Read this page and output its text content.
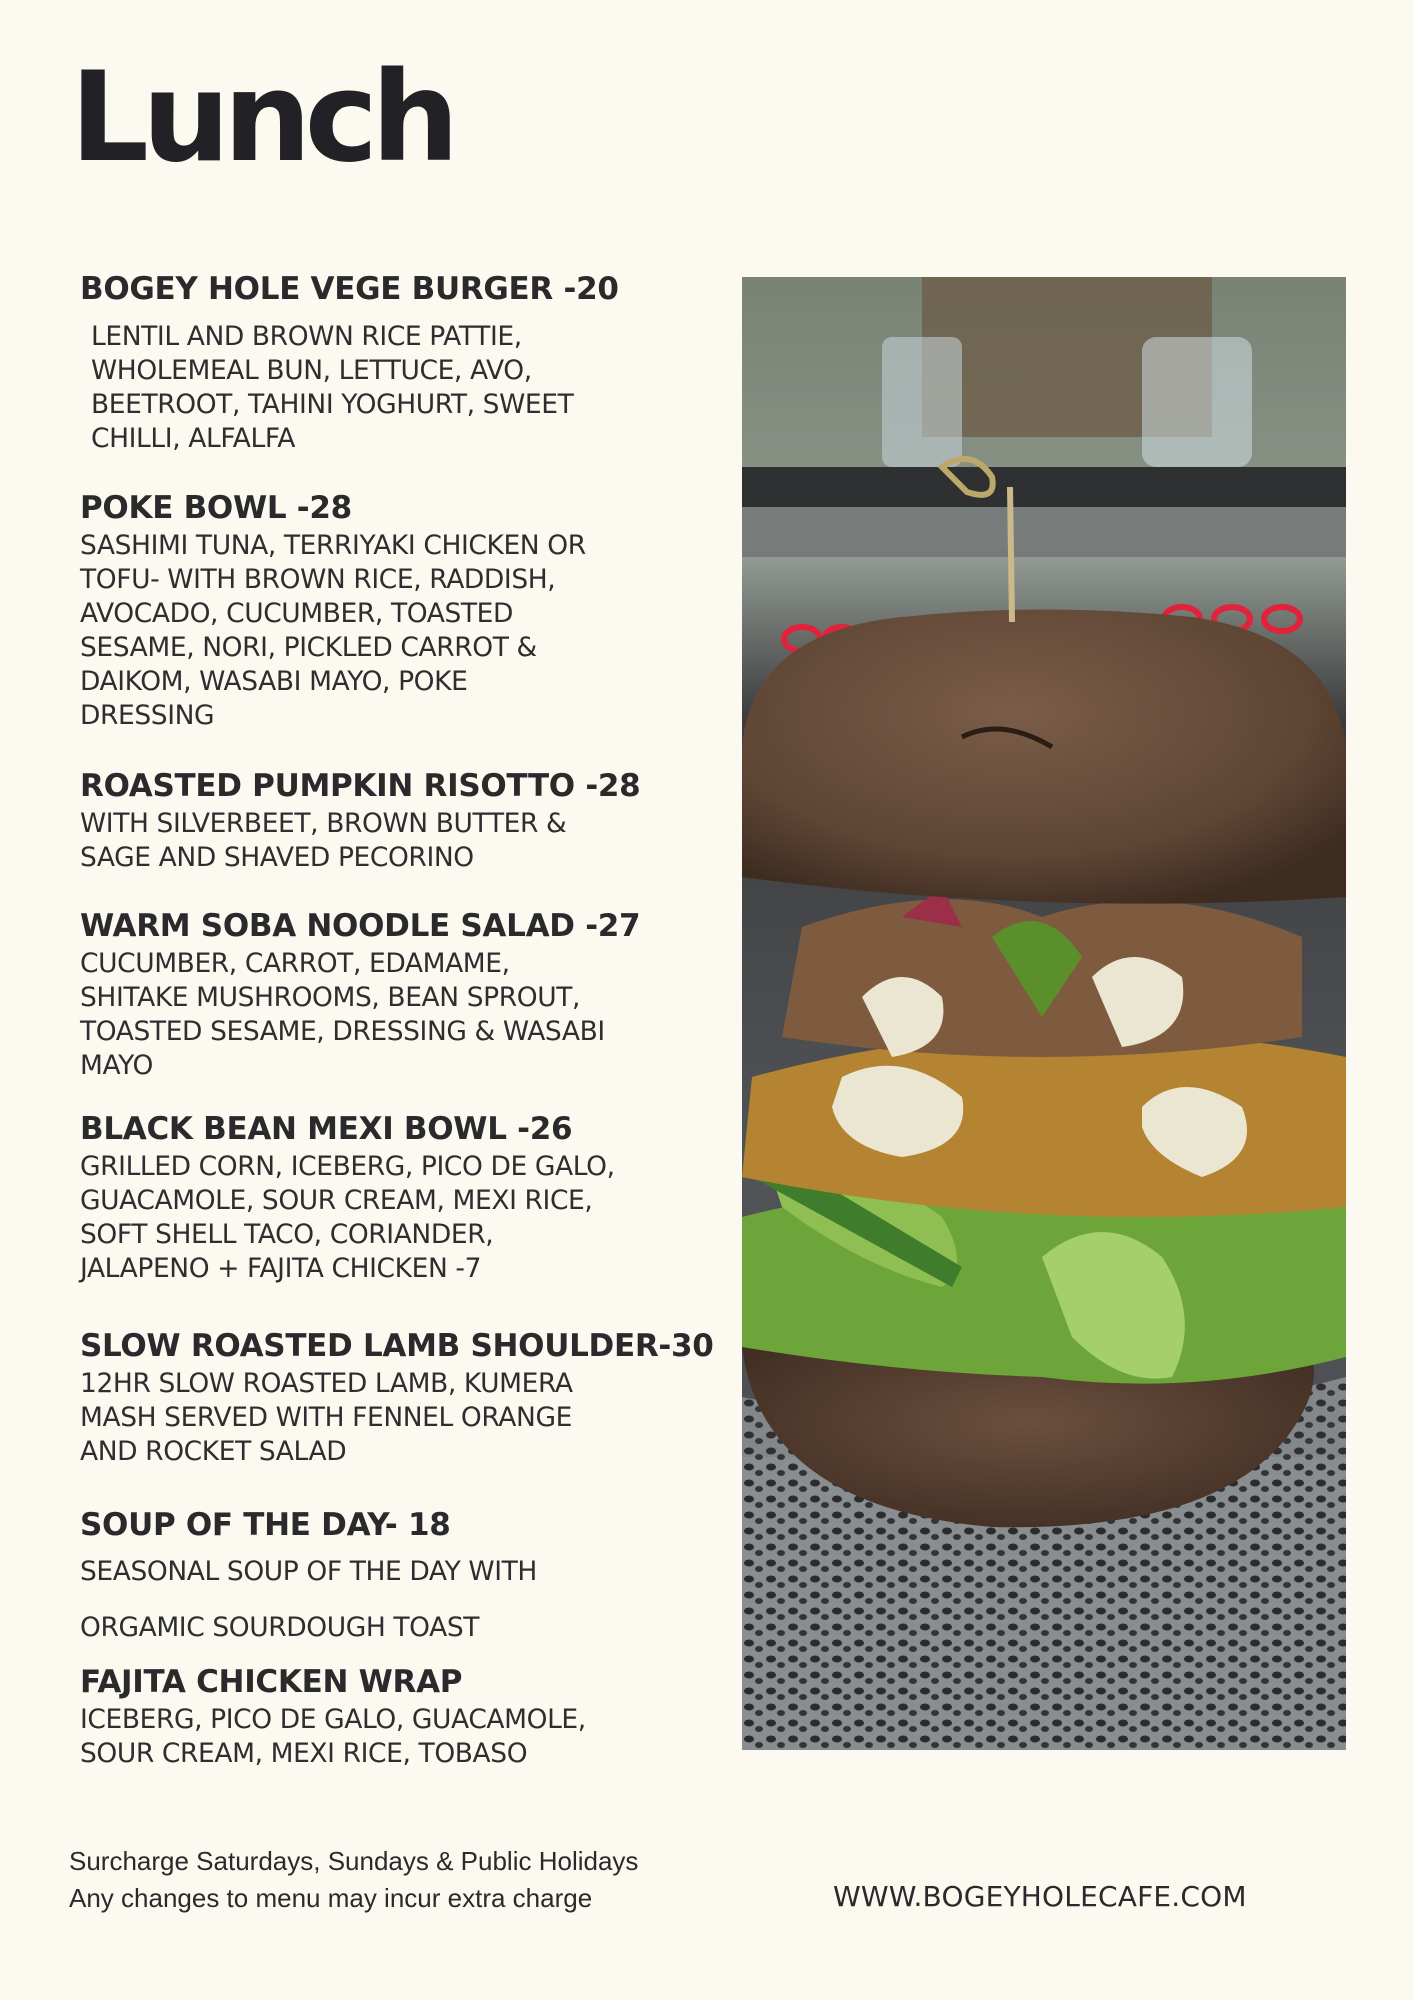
Lunch
BOGEY HOLE VEGE BURGER -20
LENTIL AND BROWN RICE PATTIE,
WHOLEMEAL BUN, LETTUCE, AVO,
BEETROOT, TAHINI YOGHURT, SWEET
CHILLI, ALFALFA
POKE BOWL -28
SASHIMI TUNA, TERRIYAKI CHICKEN OR
TOFU- WITH BROWN RICE, RADDISH,
AVOCADO, CUCUMBER, TOASTED
SESAME, NORI, PICKLED CARROT &
DAIKOM, WASABI MAYO, POKE
DRESSING
ROASTED PUMPKIN RISOTTO -28
WITH SILVERBEET, BROWN BUTTER &
SAGE AND SHAVED PECORINO
WARM SOBA NOODLE SALAD -27
CUCUMBER, CARROT, EDAMAME,
SHITAKE MUSHROOMS, BEAN SPROUT,
TOASTED SESAME, DRESSING & WASABI
MAYO
BLACK BEAN MEXI BOWL -26
GRILLED CORN, ICEBERG, PICO DE GALO,
GUACAMOLE, SOUR CREAM, MEXI RICE,
SOFT SHELL TACO, CORIANDER,
JALAPENO + FAJITA CHICKEN -7
SLOW ROASTED LAMB SHOULDER-30
12HR SLOW ROASTED LAMB, KUMERA
MASH SERVED WITH FENNEL ORANGE
AND ROCKET SALAD
SOUP OF THE DAY- 18
SEASONAL SOUP OF THE DAY WITH
ORGAMIC SOURDOUGH TOAST
FAJITA CHICKEN WRAP
ICEBERG, PICO DE GALO, GUACAMOLE,
SOUR CREAM, MEXI RICE, TOBASO
Surcharge Saturdays, Sundays & Public Holidays
Any changes to menu may incur extra charge	WWW.BOGEYHOLECAFE.COM
